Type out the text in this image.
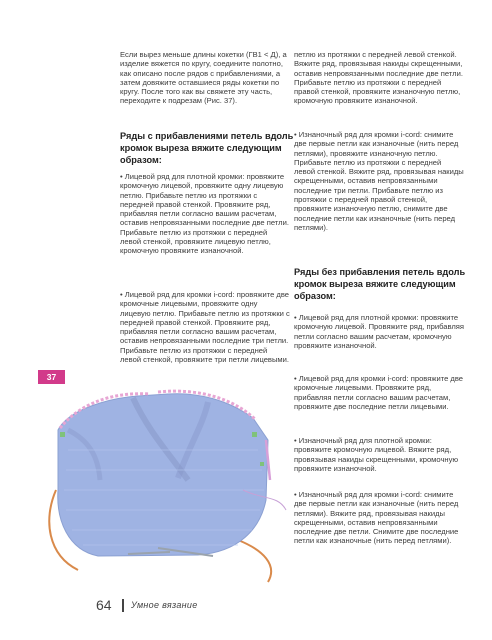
Если вырез меньше длины кокетки (ГВ1 < Д), а изделие вяжется по кругу, соедините полотно, как описано после рядов с прибавлениями, а затем довяжите оставшиеся ряды кокетки по кругу. После того как вы свяжете эту часть, переходите к подрезам (Рис. 37).

Ряды с прибавлениями петель вдоль кромок выреза вяжите следующим образом:

• Лицевой ряд для плотной кромки: провяжите кромочную лицевой, провяжите одну лицевую петлю. Прибавьте петлю из протяжки с передней правой стенкой. Провяжите ряд, прибавляя петли согласно вашим расчетам, оставив непровязанными последние две петли. Прибавьте петлю из протяжки с передней левой стенкой, провяжите лицевую петлю, кромочную провяжите изнаночной.

• Лицевой ряд для кромки i-cord: провяжите две кромочные лицевыми, провяжите одну лицевую петлю. Прибавьте петлю из протяжки с передней правой стенкой. Провяжите ряд, прибавляя петли согласно вашим расчетам, оставив непровязанными последние три петли. Прибавьте петлю из протяжки с передней левой стенкой, провяжите три петли лицевыми.

петлю из протяжки с передней левой стенкой. Вяжите ряд, провязывая накиды скрещенными, оставив непровязанными последние две петли. Прибавьте петлю из протяжки с передней правой стенкой, провяжите изнаночную петлю, кромочную провяжите изнаночной.

• Изнаночный ряд для кромки i-cord: снимите две первые петли как изнаночные (нить перед петлями), провяжите изнаночную петлю. Прибавьте петлю из протяжки с передней левой стенкой. Вяжите ряд, провязывая накиды скрещенными, оставив непровязанными последние три петли. Прибавьте петлю из протяжки с передней правой стенкой, провяжите изнаночную петлю, снимите две последние петли как изнаночные (нить перед петлями).

Ряды без прибавления петель вдоль кромок выреза вяжите следующим образом:

• Лицевой ряд для плотной кромки: провяжите кромочную лицевой. Провяжите ряд, прибавляя петли согласно вашим расчетам, кромочную провяжите изнаночной.

• Лицевой ряд для кромки i-cord: провяжите две кромочные лицевыми. Провяжите ряд, прибавляя петли согласно вашим расчетам, провяжите две последние петли лицевыми.

• Изнаночный ряд для плотной кромки: провяжите кромочную лицевой. Вяжите ряд, провязывая накиды скрещенными, кромочную провяжите изнаночной.

• Изнаночный ряд для кромки i-cord: снимите две первые петли как изнаночные (нить перед петлями). Вяжите ряд, провязывая накиды скрещенными, оставив непровязанными последние две петли. Снимите две последние петли как изнаночные (нить перед петлями).

37
64 Умное вязание
